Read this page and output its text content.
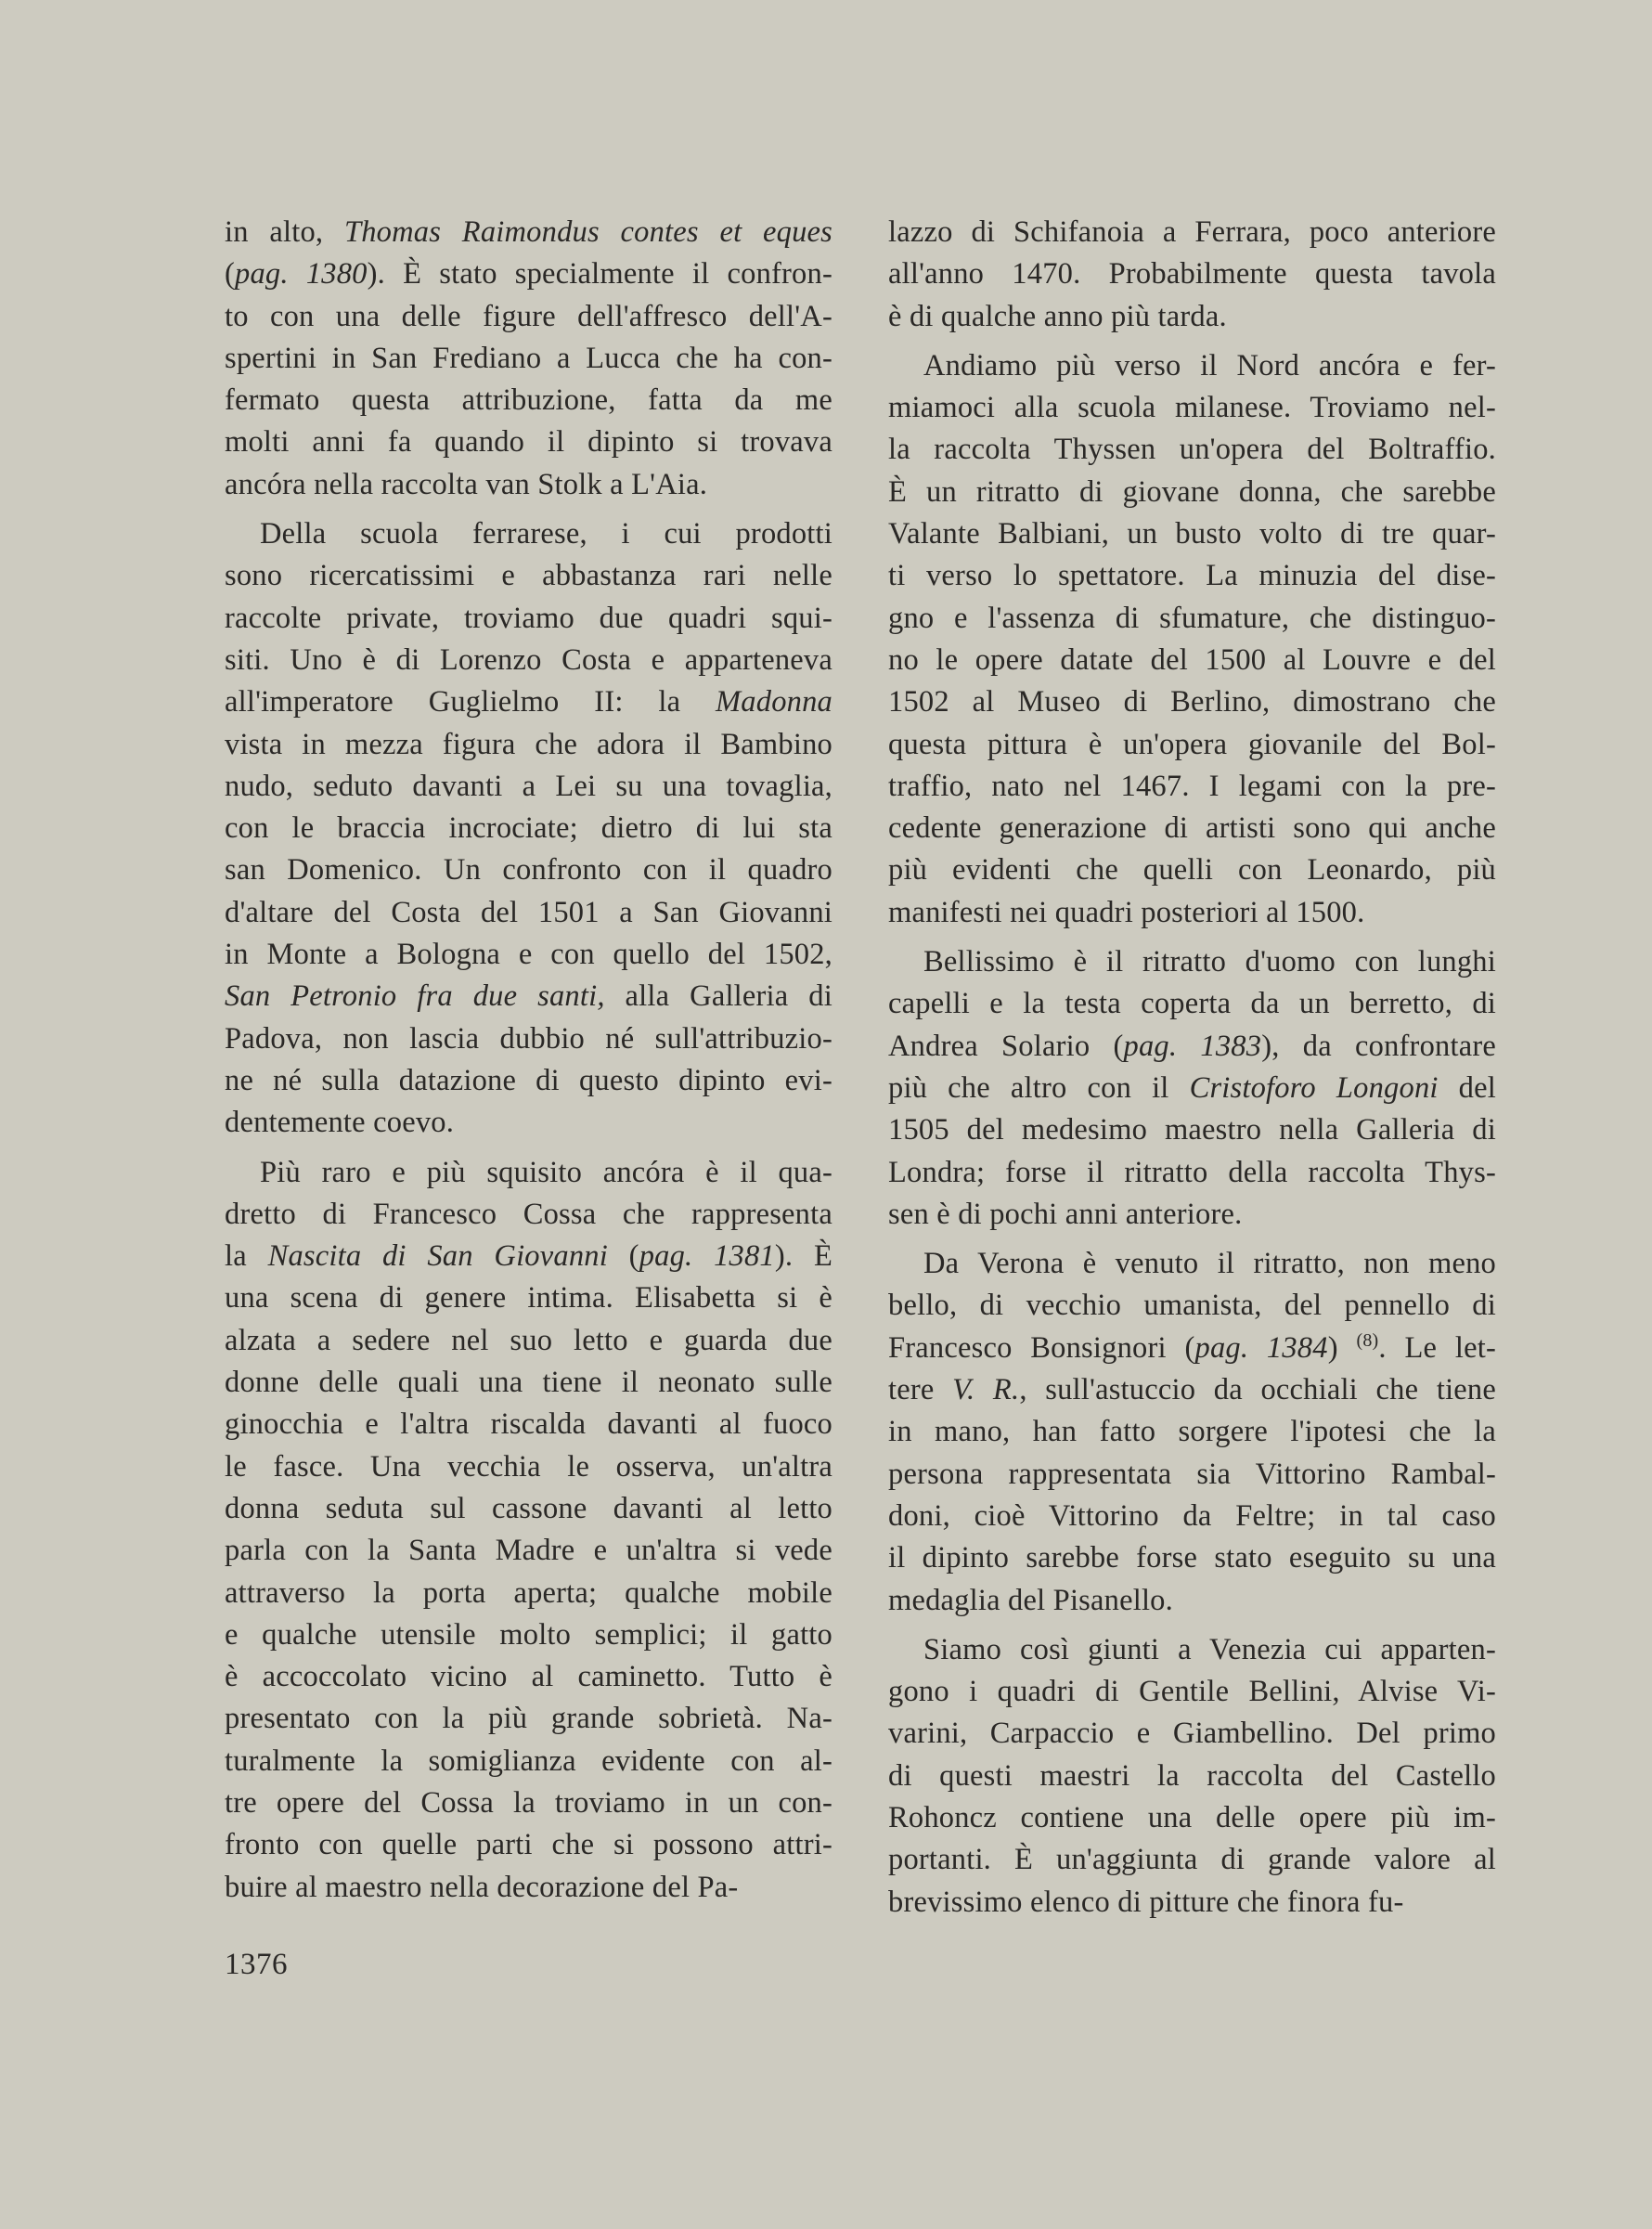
in alto, Thomas Raimondus contes et eques
(pag. 1380). È stato specialmente il confron-
to con una delle figure dell'affresco dell'A-
spertini in San Frediano a Lucca che ha con-
fermato questa attribuzione, fatta da me
molti anni fa quando il dipinto si trovava
ancóra nella raccolta van Stolk a L'Aia.
Della scuola ferrarese, i cui prodotti
sono ricercatissimi e abbastanza rari nelle
raccolte private, troviamo due quadri squi-
siti. Uno è di Lorenzo Costa e apparteneva
all'imperatore Guglielmo II: la Madonna
vista in mezza figura che adora il Bambino
nudo, seduto davanti a Lei su una tovaglia,
con le braccia incrociate; dietro di lui sta
san Domenico. Un confronto con il quadro
d'altare del Costa del 1501 a San Giovanni
in Monte a Bologna e con quello del 1502,
San Petronio fra due santi, alla Galleria di
Padova, non lascia dubbio né sull'attribuzio-
ne né sulla datazione di questo dipinto evi-
dentemente coevo.
Più raro e più squisito ancóra è il qua-
dretto di Francesco Cossa che rappresenta
la Nascita di San Giovanni (pag. 1381). È
una scena di genere intima. Elisabetta si è
alzata a sedere nel suo letto e guarda due
donne delle quali una tiene il neonato sulle
ginocchia e l'altra riscalda davanti al fuoco
le fasce. Una vecchia le osserva, un'altra
donna seduta sul cassone davanti al letto
parla con la Santa Madre e un'altra si vede
attraverso la porta aperta; qualche mobile
e qualche utensile molto semplici; il gatto
è accoccolato vicino al caminetto. Tutto è
presentato con la più grande sobrietà. Na-
turalmente la somiglianza evidente con al-
tre opere del Cossa la troviamo in un con-
fronto con quelle parti che si possono attri-
buire al maestro nella decorazione del Pa-
lazzo di Schifanoia a Ferrara, poco anteriore
all'anno 1470. Probabilmente questa tavola
è di qualche anno più tarda.
Andiamo più verso il Nord ancóra e fer-
miamoci alla scuola milanese. Troviamo nel-
la raccolta Thyssen un'opera del Boltraffio.
È un ritratto di giovane donna, che sarebbe
Valante Balbiani, un busto volto di tre quar-
ti verso lo spettatore. La minuzia del dise-
gno e l'assenza di sfumature, che distinguo-
no le opere datate del 1500 al Louvre e del
1502 al Museo di Berlino, dimostrano che
questa pittura è un'opera giovanile del Bol-
traffio, nato nel 1467. I legami con la pre-
cedente generazione di artisti sono qui anche
più evidenti che quelli con Leonardo, più
manifesti nei quadri posteriori al 1500.
Bellissimo è il ritratto d'uomo con lunghi
capelli e la testa coperta da un berretto, di
Andrea Solario (pag. 1383), da confrontare
più che altro con il Cristoforo Longoni del
1505 del medesimo maestro nella Galleria di
Londra; forse il ritratto della raccolta Thys-
sen è di pochi anni anteriore.
Da Verona è venuto il ritratto, non meno
bello, di vecchio umanista, del pennello di
Francesco Bonsignori (pag. 1384) $^{(8)}$. Le let-
tere V. R., sull'astuccio da occhiali che tiene
in mano, han fatto sorgere l'ipotesi che la
persona rappresentata sia Vittorino Rambal-
doni, cioè Vittorino da Feltre; in tal caso
il dipinto sarebbe forse stato eseguito su una
medaglia del Pisanello.
Siamo così giunti a Venezia cui apparten-
gono i quadri di Gentile Bellini, Alvise Vi-
varini, Carpaccio e Giambellino. Del primo
di questi maestri la raccolta del Castello
Rohoncz contiene una delle opere più im-
portanti. È un'aggiunta di grande valore al
brevissimo elenco di pitture che finora fu-
1376
